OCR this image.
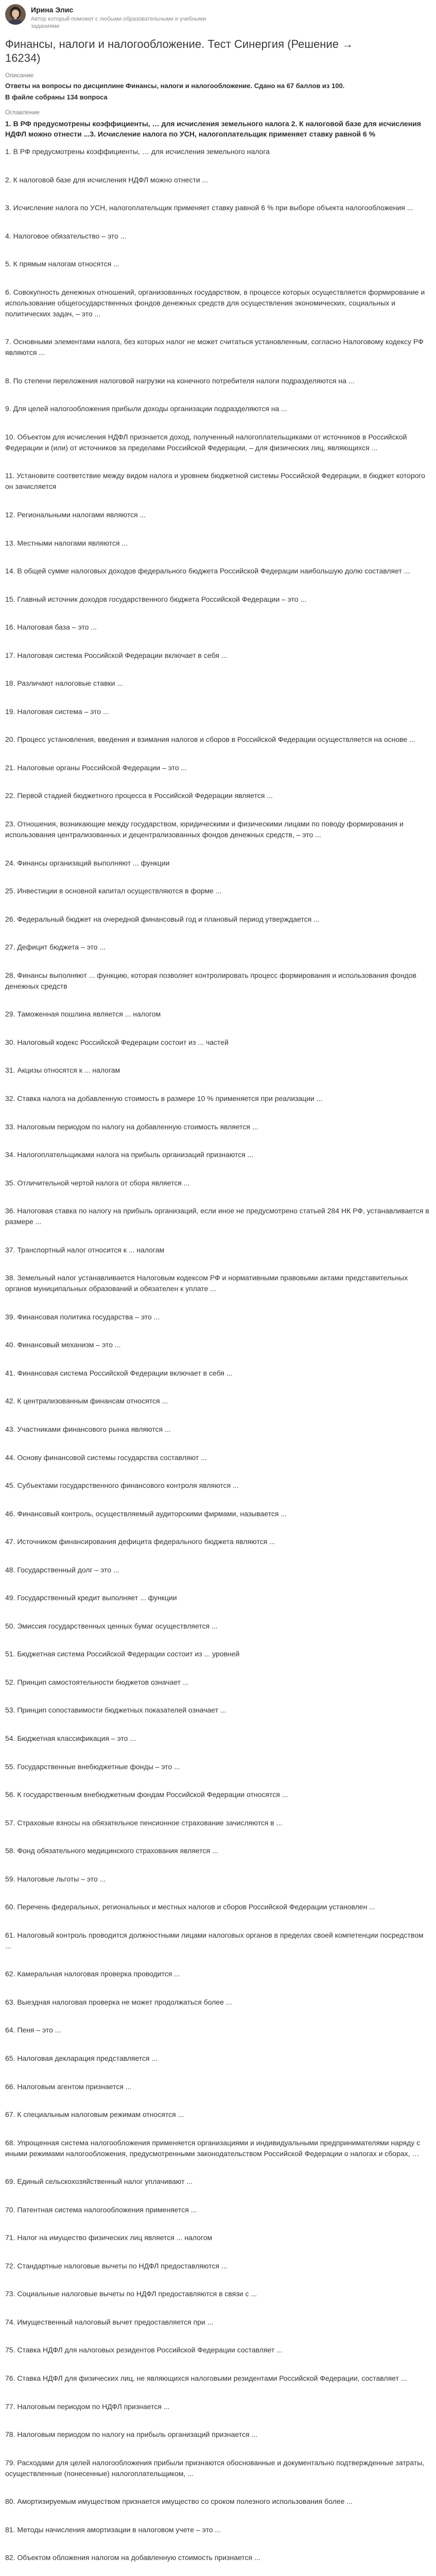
Ирина Элис
Автор который поможет с любыми образовательными и учебными заданиями
Финансы, налоги и налогообложение. Тест Синергия (Решение → 16234)
Описание

Ответы на вопросы по дисциплине Финансы, налоги и налогообложение. Сдано на 67 баллов из 100.

В файле собраны 134 вопроса

Оглавление

1. В РФ предусмотрены коэффициенты, … для исчисления земельного налога 2. К налоговой базе для исчисления НДФЛ можно отнести ...3. Исчисление налога по УСН, налогоплательщик применяет ставку равной 6 %

1. В РФ предусмотрены коэффициенты, … для исчисления земельного налога

2. К налоговой базе для исчисления НДФЛ можно отнести ...

3. Исчисление налога по УСН, налогоплательщик применяет ставку равной 6 % при выборе объекта налогообложения ...

4. Налоговое обязательство – это ...

5. К прямым налогам относятся ...

6. Совокупность денежных отношений, организованных государством, в процессе которых осуществляется формирование и использование общегосударственных фондов денежных средств для осуществления экономических, социальных и политических задач, – это ...

7. Основными элементами налога, без которых налог не может считаться установленным, согласно Налоговому кодексу РФ являются ...

8. По степени переложения налоговой нагрузки на конечного потребителя налоги подразделяются на ...

9. Для целей налогообложения прибыли доходы организации подразделяются на ...

10. Объектом для исчисления НДФЛ признается доход, полученный налогоплательщиками от источников в Российской Федерации и (или) от источников за пределами Российской Федерации, – для физических лиц, являющихся ...

11. Установите соответствие между видом налога и уровнем бюджетной системы Российской Федерации, в бюджет которого он зачисляется

12. Региональными налогами являются ...

13. Местными налогами являются ...

14. В общей сумме налоговых доходов федерального бюджета Российской Федерации наибольшую долю составляет ...

15. Главный источник доходов государственного бюджета Российской Федерации – это ...

16. Налоговая база – это ...

17. Налоговая система Российской Федерации включает в себя ...

18. Различают налоговые ставки ...

19. Налоговая система – это ...

20. Процесс установления, введения и взимания налогов и сборов в Российской Федерации осуществляется на основе ...

21. Налоговые органы Российской Федерации – это ...

22. Первой стадией бюджетного процесса в Российской Федерации является ...

23. Отношения, возникающие между государством, юридическими и физическими лицами по поводу формирования и использования централизованных и децентрализованных фондов денежных средств, – это ...

24. Финансы организаций выполняют ... функции

25. Инвестиции в основной капитал осуществляются в форме ...

26. Федеральный бюджет на очередной финансовый год и плановый период утверждается ...

27. Дефицит бюджета – это ...

28. Финансы выполняют ... функцию, которая позволяет контролировать процесс формирования и использования фондов денежных средств

29. Таможенная пошлина является ... налогом

30. Налоговый кодекс Российской Федерации состоит из ... частей

31. Акцизы относятся к ... налогам

32. Ставка налога на добавленную стоимость в размере 10 % применяется при реализации ...

33. Налоговым периодом по налогу на добавленную стоимость является ...

34. Налогоплательщиками налога на прибыль организаций признаются ...

35. Отличительной чертой налога от сбора является ...

36. Налоговая ставка по налогу на прибыль организаций, если иное не предусмотрено статьей 284 НК РФ, устанавливается в размере ...

37. Транспортный налог относится к ... налогам

38. Земельный налог устанавливается Налоговым кодексом РФ и нормативными правовыми актами представительных органов муниципальных образований и обязателен к уплате ...

39. Финансовая политика государства – это ...

40. Финансовый механизм – это ...

41. Финансовая система Российской Федерации включает в себя ...

42. К централизованным финансам относятся ...

43. Участниками финансового рынка являются ...

44. Основу финансовой системы государства составляют ...

45. Субъектами государственного финансового контроля являются ...

46. Финансовый контроль, осуществляемый аудиторскими фирмами, называется ...

47. Источником финансирования дефицита федерального бюджета являются ...

48. Государственный долг – это ...

49. Государственный кредит выполняет ... функции

50. Эмиссия государственных ценных бумаг осуществляется ...

51. Бюджетная система Российской Федерации состоит из ... уровней

52. Принцип самостоятельности бюджетов означает ...

53. Принцип сопоставимости бюджетных показателей означает ...

54. Бюджетная классификация – это ...

55. Государственные внебюджетные фонды – это ...

56. К государственным внебюджетным фондам Российской Федерации относятся ...

57. Страховые взносы на обязательное пенсионное страхование зачисляются в ...

58. Фонд обязательного медицинского страхования является ...

59. Налоговые льготы – это ...

60. Перечень федеральных, региональных и местных налогов и сборов Российской Федерации установлен ...

61. Налоговый контроль проводится должностными лицами налоговых органов в пределах своей компетенции посредством ...

62. Камеральная налоговая проверка проводится ...

63. Выездная налоговая проверка не может продолжаться более ...

64. Пеня – это ...

65. Налоговая декларация представляется ...

66. Налоговым агентом признается ...

67. К специальным налоговым режимам относятся ...

68. Упрощенная система налогообложения применяется организациями и индивидуальными предпринимателями наряду с иными режимами налогообложения, предусмотренными законодательством Российской Федерации о налогах и сборах, …

69. Единый сельскохозяйственный налог уплачивают ...

70. Патентная система налогообложения применяется ...

71. Налог на имущество физических лиц является ... налогом

72. Стандартные налоговые вычеты по НДФЛ предоставляются ...

73. Социальные налоговые вычеты по НДФЛ предоставляются в связи с ...

74. Имущественный налоговый вычет предоставляется при ...

75. Ставка НДФЛ для налоговых резидентов Российской Федерации составляет ...

76. Ставка НДФЛ для физических лиц, не являющихся налоговыми резидентами Российской Федерации, составляет ...

77. Налоговым периодом по НДФЛ признается ...

78. Налоговым периодом по налогу на прибыль организаций признается ...

79. Расходами для целей налогообложения прибыли признаются обоснованные и документально подтвержденные затраты, осуществленные (понесенные) налогоплательщиком, ...

80. Амортизируемым имуществом признается имущество со сроком полезного использования более ...

81. Методы начисления амортизации в налоговом учете – это ...

82. Объектом обложения налогом на добавленную стоимость признается ...
